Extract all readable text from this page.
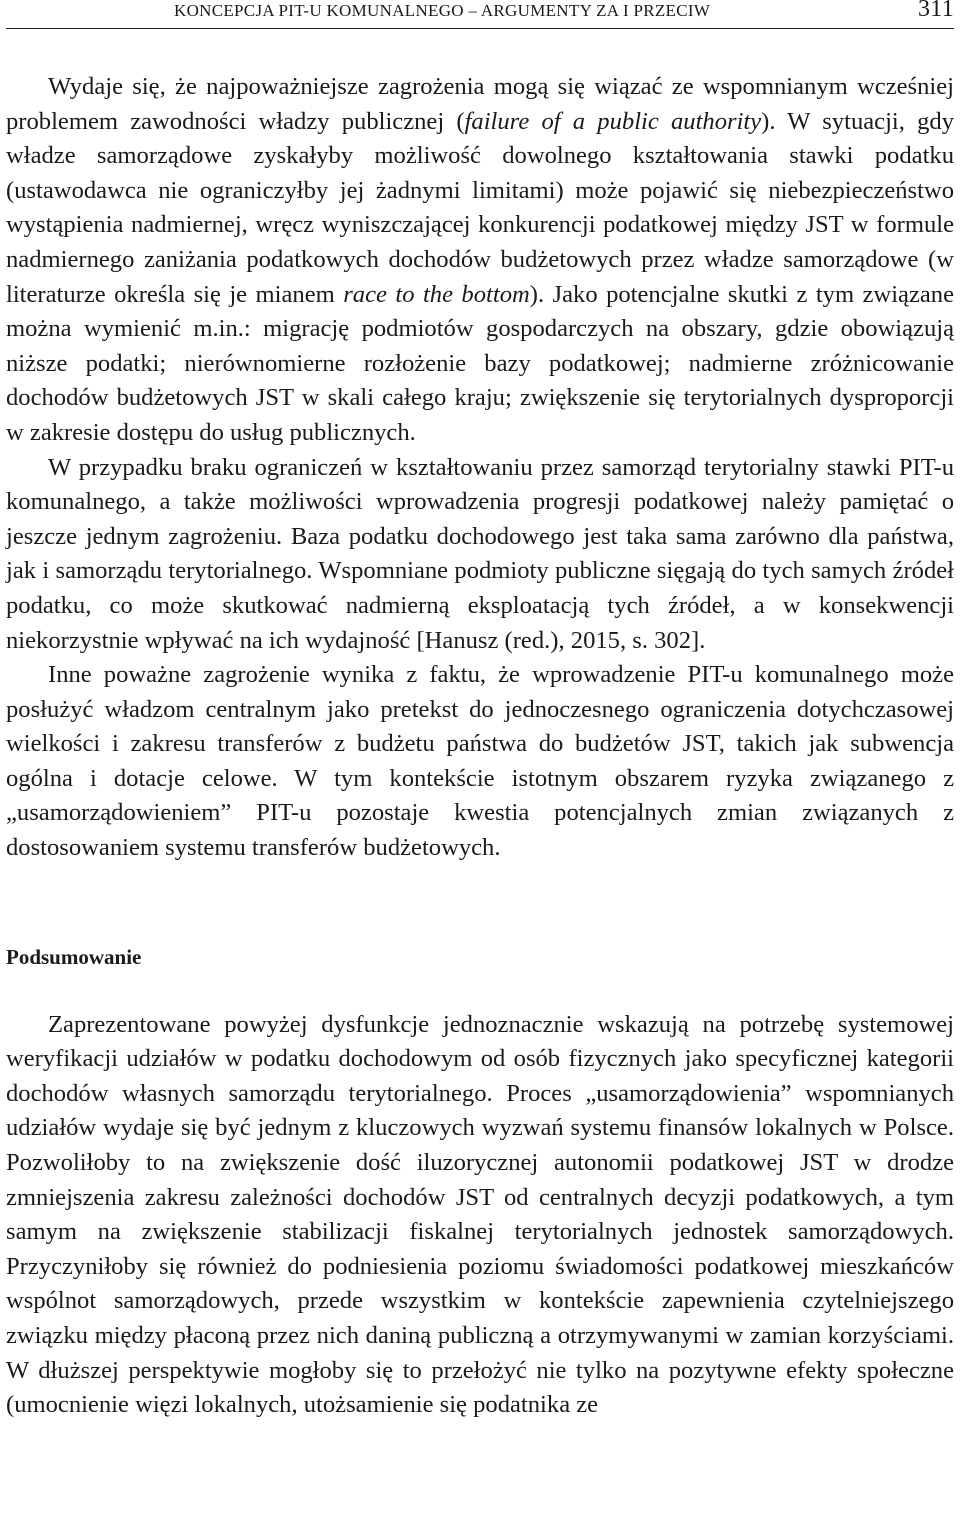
KONCEPCJA PIT-U KOMUNALNEGO – ARGUMENTY ZA I PRZECIW	311

Wydaje się, że najpoważniejsze zagrożenia mogą się wiązać ze wspomnianym wcześniej problemem zawodności władzy publicznej (failure of a public authority). W sytuacji, gdy władze samorządowe zyskałyby możliwość dowolnego kształtowania stawki podatku (ustawodawca nie ograniczyłby jej żadnymi limitami) może pojawić się niebezpieczeństwo wystąpienia nadmiernej, wręcz wyniszczającej konkurencji podatkowej między JST w formule nadmiernego zaniżania podatkowych dochodów budżetowych przez władze samorządowe (w literaturze określa się je mianem race to the bottom). Jako potencjalne skutki z tym związane można wymienić m.in.: migrację podmiotów gospodarczych na obszary, gdzie obowiązują niższe podatki; nierównomierne rozłożenie bazy podatkowej; nadmierne zróżnicowanie dochodów budżetowych JST w skali całego kraju; zwiększenie się terytorialnych dysproporcji w zakresie dostępu do usług publicznych.

W przypadku braku ograniczeń w kształtowaniu przez samorząd terytorialny stawki PIT-u komunalnego, a także możliwości wprowadzenia progresji podatkowej należy pamiętać o jeszcze jednym zagrożeniu. Baza podatku dochodowego jest taka sama zarówno dla państwa, jak i samorządu terytorialnego. Wspomniane podmioty publiczne sięgają do tych samych źródeł podatku, co może skutkować nadmierną eksploatacją tych źródeł, a w konsekwencji niekorzystnie wpływać na ich wydajność [Hanusz (red.), 2015, s. 302].

Inne poważne zagrożenie wynika z faktu, że wprowadzenie PIT-u komunalnego może posłużyć władzom centralnym jako pretekst do jednoczesnego ograniczenia dotychczasowej wielkości i zakresu transferów z budżetu państwa do budżetów JST, takich jak subwencja ogólna i dotacje celowe. W tym kontekście istotnym obszarem ryzyka związanego z „usamorządowieniem” PIT-u pozostaje kwestia potencjalnych zmian związanych z dostosowaniem systemu transferów budżetowych.

Podsumowanie

Zaprezentowane powyżej dysfunkcje jednoznacznie wskazują na potrzebę systemowej weryfikacji udziałów w podatku dochodowym od osób fizycznych jako specyficznej kategorii dochodów własnych samorządu terytorialnego. Proces „usamorządowienia” wspomnianych udziałów wydaje się być jednym z kluczowych wyzwań systemu finansów lokalnych w Polsce. Pozwoliłoby to na zwiększenie dość iluzorycznej autonomii podatkowej JST w drodze zmniejszenia zakresu zależności dochodów JST od centralnych decyzji podatkowych, a tym samym na zwiększenie stabilizacji fiskalnej terytorialnych jednostek samorządowych. Przyczyniłoby się również do podniesienia poziomu świadomości podatkowej mieszkańców wspólnot samorządowych, przede wszystkim w kontekście zapewnienia czytelniejszego związku między płaconą przez nich daniną publiczną a otrzymywanymi w zamian korzyściami. W dłuższej perspektywie mogłoby się to przełożyć nie tylko na pozytywne efekty społeczne (umocnienie więzi lokalnych, utożsamienie się podatnika ze
